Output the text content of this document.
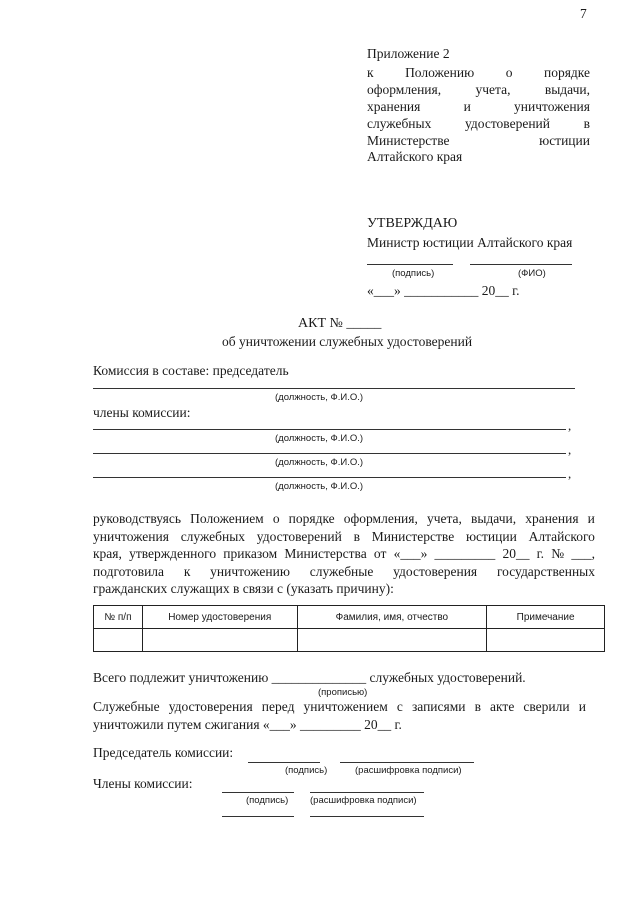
7
Приложение 2
к Положению о порядке
оформления,	учета,	выдачи,
хранения	и	уничтожения
служебных удостоверений в
Министерстве	юстиции
Алтайского края
УТВЕРЖДАЮ
Министр юстиции Алтайского края
(подпись)	(ФИО)
«___» ___________ 20__ г.
АКТ № _____
об уничтожении служебных удостоверений
Комиссия в составе: председатель
(должность, Ф.И.О.)
члены комиссии:
,
(должность, Ф.И.О.)
,
(должность, Ф.И.О.)
,
(должность, Ф.И.О.)
руководствуясь Положением о порядке оформления, учета, выдачи, хранения и
уничтожения служебных удостоверений в Министерстве юстиции Алтайского
края, утвержденного приказом Министерства от «___» _________ 20__ г. № ___,
подготовила к уничтожению служебные удостоверения государственных
гражданских служащих в связи с (указать причину):
№ п/п	Номер удостоверения	Фамилия, имя, отчество	Примечание

Всего подлежит уничтожению ______________ служебных удостоверений.
(прописью)
Служебные удостоверения перед уничтожением с записями в акте сверили и
уничтожили путем сжигания «___» _________ 20__ г.
Председатель комиссии:
(подпись)	(расшифровка подписи)
Члены комиссии:
(подпись) (расшифровка подписи)
